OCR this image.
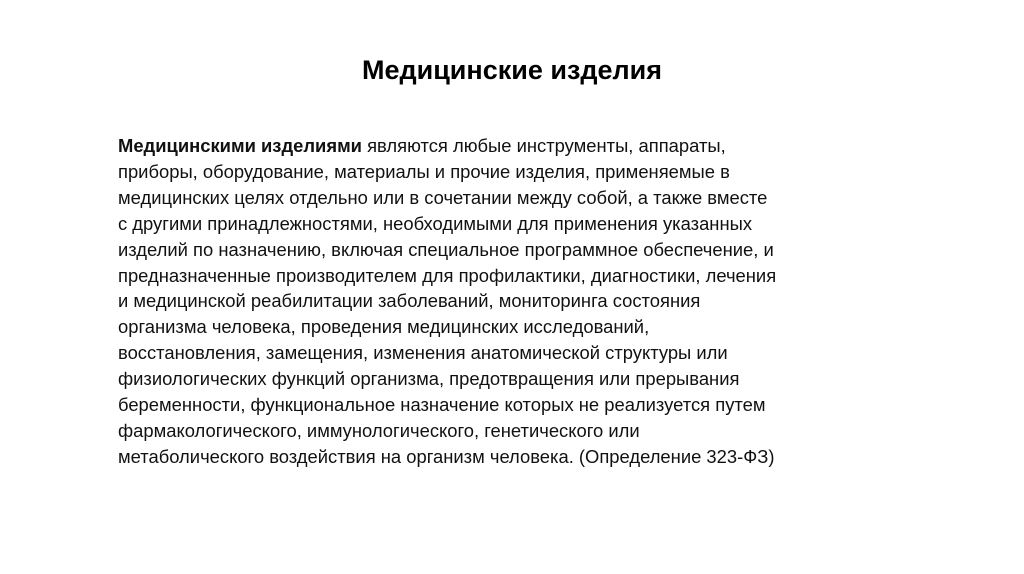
Медицинские изделия
Медицинскими изделиями являются любые инструменты, аппараты,
приборы, оборудование, материалы и прочие изделия, применяемые в
медицинских целях отдельно или в сочетании между собой, а также вместе
с другими принадлежностями, необходимыми для применения указанных
изделий по назначению, включая специальное программное обеспечение, и
предназначенные производителем для профилактики, диагностики, лечения
и медицинской реабилитации заболеваний, мониторинга состояния
организма человека, проведения медицинских исследований,
восстановления, замещения, изменения анатомической структуры или
физиологических функций организма, предотвращения или прерывания
беременности, функциональное назначение которых не реализуется путем
фармакологического, иммунологического, генетического или
метаболического воздействия на организм человека. (Определение 323-ФЗ)
